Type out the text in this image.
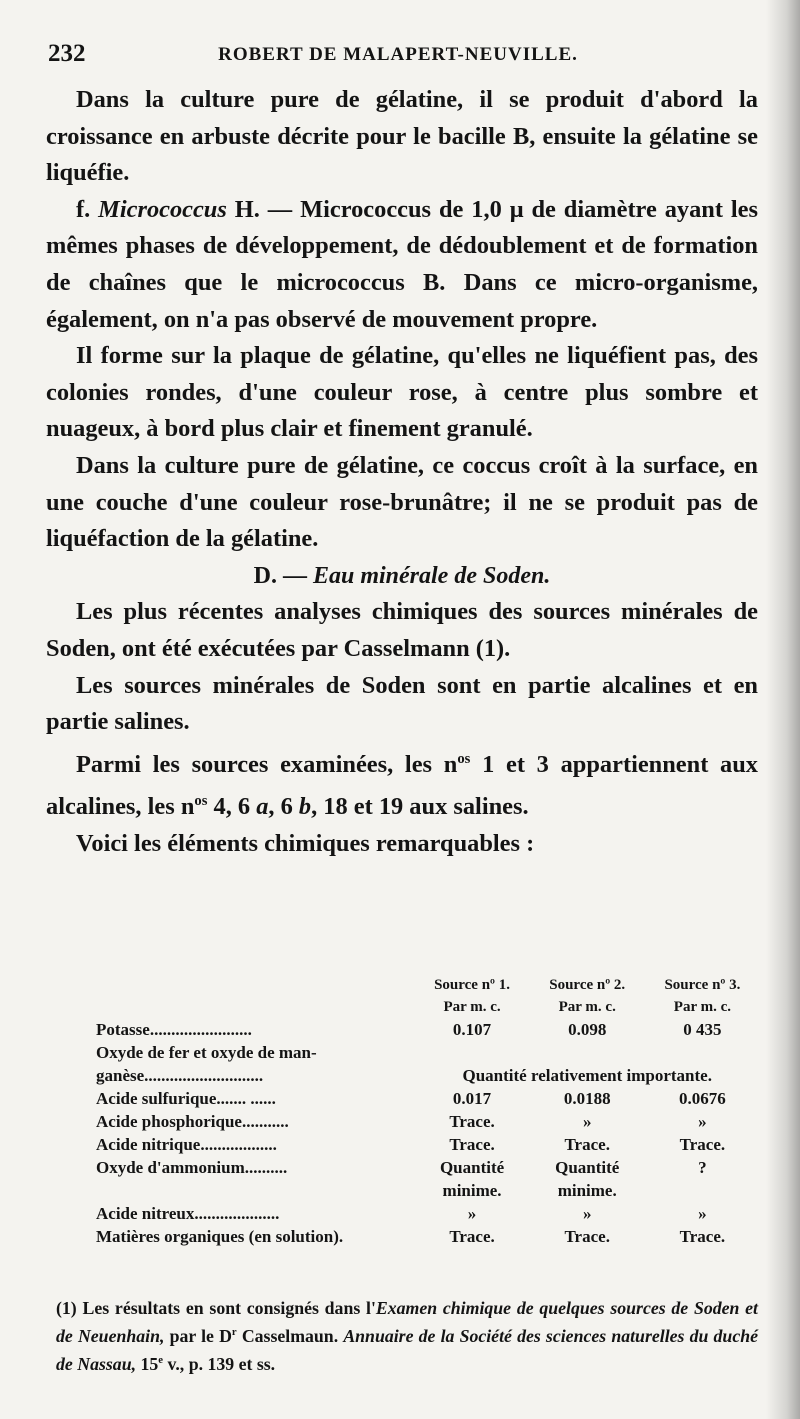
232	ROBERT DE MALAPERT-NEUVILLE.

Dans la culture pure de gélatine, il se produit d'abord la croissance en arbuste décrite pour le bacille B, ensuite la gélatine se liquéfie.

f. Micrococcus H. — Micrococcus de 1,0 μ de diamètre ayant les mêmes phases de développement, de dédoublement et de formation de chaînes que le micrococcus B. Dans ce micro-organisme, également, on n'a pas observé de mouvement propre.

Il forme sur la plaque de gélatine, qu'elles ne liquéfient pas, des colonies rondes, d'une couleur rose, à centre plus sombre et nuageux, à bord plus clair et finement granulé.

Dans la culture pure de gélatine, ce coccus croît à la surface, en une couche d'une couleur rose-brunâtre; il ne se produit pas de liquéfaction de la gélatine.

D. — Eau minérale de Soden.

Les plus récentes analyses chimiques des sources minérales de Soden, ont été exécutées par Casselmann (1).

Les sources minérales de Soden sont en partie alcalines et en partie salines.

Parmi les sources examinées, les $n^{os}$ 1 et 3 appartiennent aux alcalines, les $n^{os}$ 4, 6 a, 6 b, 18 et 19 aux salines.

Voici les éléments chimiques remarquables :

	Source nº 1.	Source nº 2.	Source nº 3.
	Par m. c.	Par m. c.	Par m. c.
Potasse........................	0.107	0.098	0 435
Oxyde de fer et oxyde de man-			
ganèse............................	Quantité relativement importante.		
Acide sulfurique....... ......	0.017	0.0188	0.0676
Acide phosphorique...........	Trace.	»	»
Acide nitrique..................	Trace.	Trace.	Trace.
Oxyde d'ammonium..........	Quantité	Quantité	?
	minime.	minime.	
Acide nitreux....................	»	»	»
Matières organiques (en solution).	Trace.	Trace.	Trace.
(1) Les résultats en sont consignés dans l'Examen chimique de quelques sources de Soden et de Neuenhain, par le $D^r$ Casselmaun. Annuaire de la Société des sciences naturelles du duché de Nassau, 15e v., p. 139 et ss.
